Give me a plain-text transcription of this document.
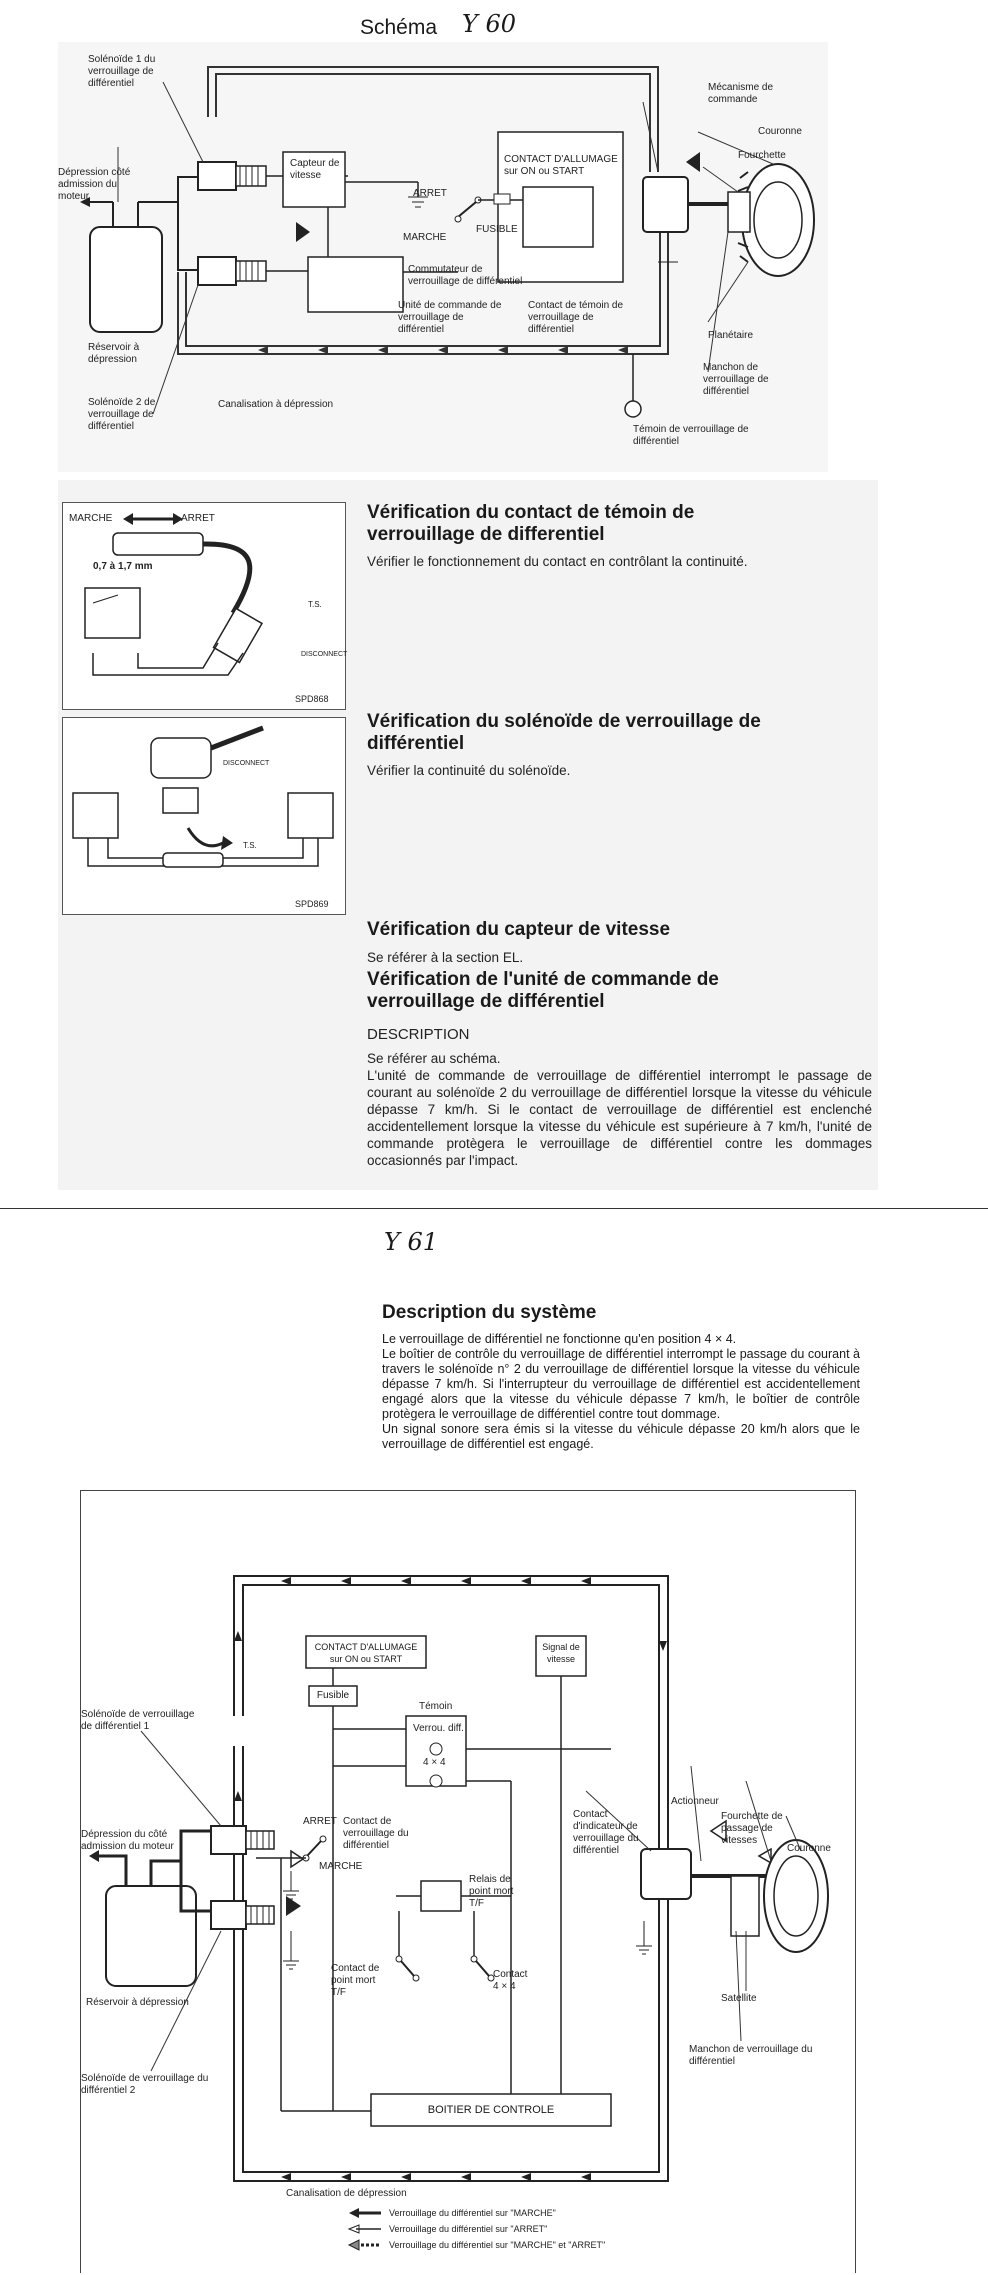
Schéma Y 60
Solénoïde 1 du verrouillage de différentiel
Dépression côté admission du moteur
Capteur de vitesse
ARRET
MARCHE
CONTACT D'ALLUMAGE sur ON ou START
FUSIBLE
Commutateur de verrouillage de différentiel
Unité de commande de verrouillage de différentiel
Contact de témoin de verrouillage de différentiel
Réservoir à dépression
Solénoïde 2 de verrouillage de différentiel
Canalisation à dépression
Mécanisme de commande
Couronne
Fourchette
Planétaire
Manchon de verrouillage de différentiel
Témoin de verrouillage de différentiel
MARCHE	ARRET
0,7 à 1,7 mm
T.S.
DISCONNECT
SPD868
DISCONNECT
T.S.
SPD869
Vérification du contact de témoin de verrouillage de differentiel
Vérifier le fonctionnement du contact en contrôlant la continuité.
Vérification du solénoïde de verrouillage de différentiel
Vérifier la continuité du solénoïde.
Vérification du capteur de vitesse
Se référer à la section EL.
Vérification de l'unité de commande de verrouillage de différentiel
DESCRIPTION
Se référer au schéma.
L'unité de commande de verrouillage de différentiel interrompt le passage de courant au solénoïde 2 du verrouillage de différentiel lorsque la vitesse du véhicule dépasse 7 km/h. Si le contact de verrouillage de différentiel est enclenché accidentellement lorsque la vitesse du véhicule est supérieure à 7 km/h, l'unité de commande protègera le verrouillage de différentiel contre les dommages occasionnés par l'impact.
Y 61
Description du système
Le verrouillage de différentiel ne fonctionne qu'en position 4 × 4.
Le boîtier de contrôle du verrouillage de différentiel interrompt le passage du courant à travers le solénoïde n° 2 du verrouillage de différentiel lorsque la vitesse du véhicule dépasse 7 km/h. Si l'interrupteur du verrouillage de différentiel est accidentellement engagé alors que la vitesse du véhicule dépasse 7 km/h, le boîtier de contrôle protègera le verrouillage de différentiel contre tout dommage.
Un signal sonore sera émis si la vitesse du véhicule dépasse 20 km/h alors que le verrouillage de différentiel est engagé.
CONTACT D'ALLUMAGE sur ON ou START
Signal de vitesse
Fusible
Témoin
Verrou. diff.
4 × 4
Solénoïde de verrouillage de différentiel 1
ARRET
MARCHE
Contact de verrouillage du différentiel
Relais de point mort T/F
Contact d'indicateur de verrouillage du différentiel
Actionneur
Fourchette de passage de vitesses
Couronne
Dépression du côté admission du moteur
Réservoir à dépression
Contact de point mort T/F
Contact 4 × 4
Satellite
Manchon de verrouillage du différentiel
Solénoïde de verrouillage du différentiel 2
BOITIER DE CONTROLE
Canalisation de dépression
Verrouillage du différentiel sur "MARCHE"
Verrouillage du différentiel sur "ARRET"
Verrouillage du différentiel sur "MARCHE" et "ARRET"
